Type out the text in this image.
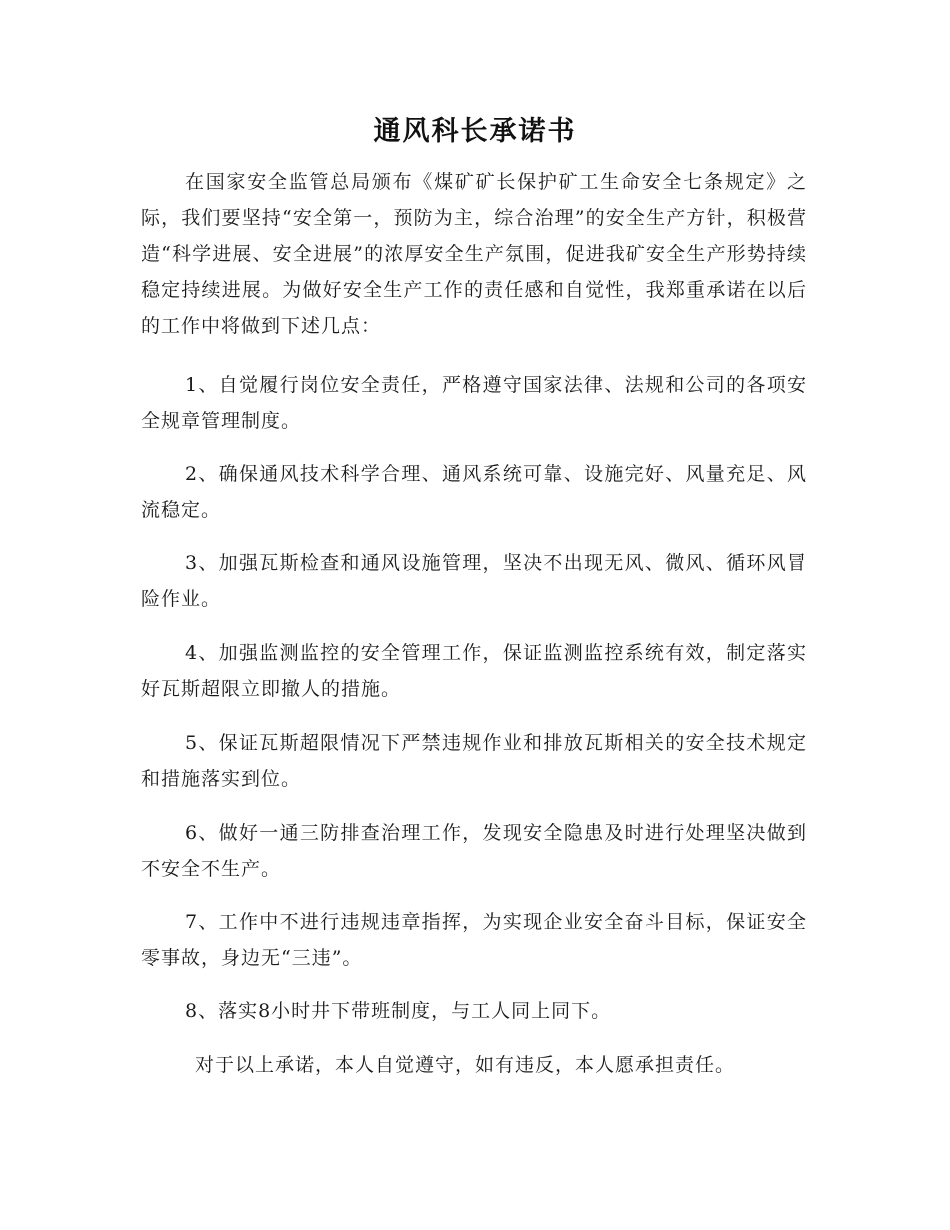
通风科长承诺书

在国家安全监管总局颁布《煤矿矿长保护矿工生命安全七条规定》之际，我们要坚持“安全第一，预防为主，综合治理”的安全生产方针，积极营造“科学进展、安全进展”的浓厚安全生产氛围，促进我矿安全生产形势持续稳定持续进展。为做好安全生产工作的责任感和自觉性，我郑重承诺在以后的工作中将做到下述几点：

1、自觉履行岗位安全责任，严格遵守国家法律、法规和公司的各项安全规章管理制度。

2、确保通风技术科学合理、通风系统可靠、设施完好、风量充足、风流稳定。

3、加强瓦斯检查和通风设施管理，坚决不出现无风、微风、循环风冒险作业。

4、加强监测监控的安全管理工作，保证监测监控系统有效，制定落实好瓦斯超限立即撤人的措施。

5、保证瓦斯超限情况下严禁违规作业和排放瓦斯相关的安全技术规定和措施落实到位。

6、做好一通三防排查治理工作，发现安全隐患及时进行处理坚决做到不安全不生产。

7、工作中不进行违规违章指挥，为实现企业安全奋斗目标，保证安全零事故，身边无“三违”。

8、落实8小时井下带班制度，与工人同上同下。

对于以上承诺，本人自觉遵守，如有违反，本人愿承担责任。
